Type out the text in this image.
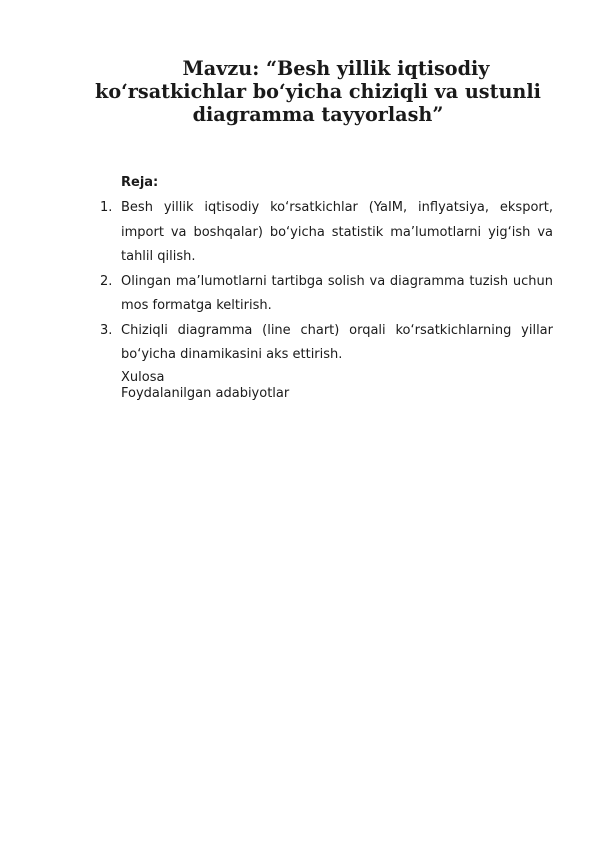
Mavzu: “Besh yillik iqtisodiy
ko‘rsatkichlar bo‘yicha chiziqli va ustunli
diagramma tayyorlash”
Reja:
1. Besh yillik iqtisodiy ko‘rsatkichlar (YaIM, inflyatsiya, eksport, import va boshqalar) bo‘yicha statistik ma’lumotlarni yig‘ish va tahlil qilish.
2. Olingan ma’lumotlarni tartibga solish va diagramma tuzish uchun mos formatga keltirish.
3. Chiziqli diagramma (line chart) orqali ko‘rsatkichlarning yillar bo‘yicha dinamikasini aks ettirish.
Xulosa
Foydalanilgan adabiyotlar
